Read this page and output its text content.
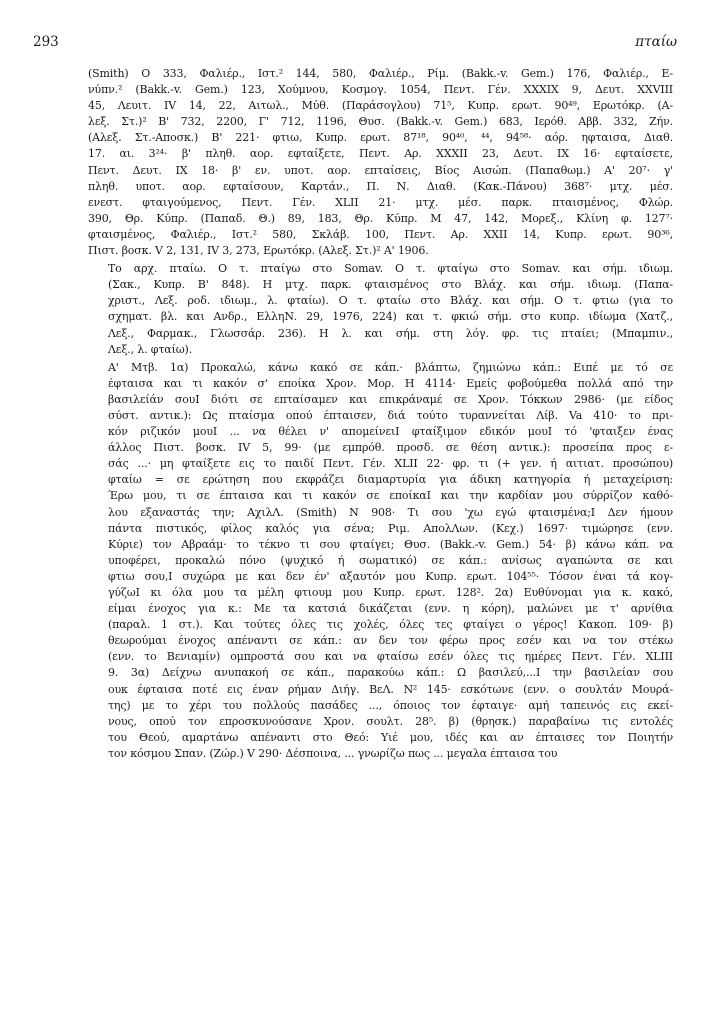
293	πταίω

(Smith) Ο 333, Φαλιέρ., Ιστ.² 144, 580, Φαλιέρ., Ρίμ. (Bakk.-v. Gem.) 176, Φαλιέρ., Ε-
νύπν.² (Bakk.-v. Gem.) 123, Χούμνου, Κοσμογ. 1054, Πεντ. Γέν. XXXIX 9, Δευτ. XXVIII
45, Λευιτ. IV 14, 22, Αιτωλ., Μύθ. (Παράσογλου) 71⁵, Κυπρ. ερωτ. 90⁴⁹, Ερωτόκρ. (Α-
λεξ. Στ.)² Β' 732, 2200, Γ' 712, 1196, Θυσ. (Bakk.-v. Gem.) 683, Ιερόθ. Αββ. 332, Ζήν.
(Αλεξ. Στ.-Αποσκ.) Β' 221· φτιω, Κυπρ. ερωτ. 87¹⁸, 90⁴⁰, ⁴⁴, 94⁵⁸· αόρ. ηφταισα, Διαθ.
17. αι. 3²⁴· β' πληθ. αορ. εφταίξετε, Πεντ. Αρ. XXXII 23, Δευτ. IX 16· εφταίσετε,
Πεντ. Δευτ. IX 18· β' εν. υποτ. αορ. επταίσεις, Βίος Αισώπ. (Παπαθωμ.) Α' 20⁷· γ'
πληθ. υποτ. αορ. εφταίσουν, Καρτάν., Π. Ν. Διαθ. (Κακ.-Πάνου) 368⁷· μτχ. μέσ.
ενεστ. φταιγούμενος, Πεντ. Γέν. XLII 21· μτχ. μέσ. παρκ. πταισμένος, Φλώρ.
390, Θρ. Κύπρ. (Παπαδ. Θ.) 89, 183, Θρ. Κύπρ. Μ 47, 142, Μορεξ., Κλίνη φ. 127⁷·
φταισμένος, Φαλιέρ., Ιστ.² 580, Σκλάβ. 100, Πεντ. Αρ. XXII 14, Κυπρ. ερωτ. 90³⁶,
Πιστ. βοσκ. V 2, 131, IV 3, 273, Ερωτόκρ. (Αλεξ. Στ.)² Α' 1906.

Το αρχ. πταίω. Ο τ. πταίγω στο Somav. Ο τ. φταίγω στο Somav. και σήμ. ιδιωμ.
(Σακ., Κυπρ. Β' 848). Η μτχ. παρκ. φταισμένος στο Βλάχ. και σήμ. ιδιωμ. (Παπα-
χριστ., Λεξ. ροδ. ιδιωμ., λ. φταίω). Ο τ. φταίω στο Βλάχ. και σήμ. Ο τ. φτιω (για το
σχηματ. βλ. και Ανδρ., ΕλληΝ. 29, 1976, 224) και τ. φκιώ σήμ. στο κυπρ. ιδίωμα (Χατζ.,
Λεξ., Φαρμακ., Γλωσσάρ. 236). Η λ. και σήμ. στη λόγ. φρ. τις πταίει; (Μπαμπιν.,
Λεξ., λ. φταίω).

Α' Μτβ. 1α) Προκαλώ, κάνω κακό σε κάπ.· βλάπτω, ζημιώνω κάπ.: Ειπέ με τό σε
έφταισα και τι κακόν σ' εποίκα Χρον. Μορ. Η 4114· Εμείς φοβούμεθα πολλά από την
βασιλείάν σουΙ διότι σε επταίσαμεν και επικράναμέ σε Χρον. Τόκκων 2986· (με είδος
σύστ. αντικ.): Ως πταίσμα οπού έπταισεν, διά τούτο τυραννείται Λίβ. Va 410· το πρι-
κόν ριζικόν μουΙ ... να θέλει ν' απομείνειΙ φταίξιμον εδικόν μουΙ τό 'φταιξεν ένας
άλλος Πιστ. βοσκ. IV 5, 99· (με εμπρόθ. προσδ. σε θέση αντικ.): προσείπα προς ε-
σάς ...· μη φταίξετε εις το παιδί Πεντ. Γέν. XLII 22· φρ. τι (+ γεν. ή αιτιατ. προσώπου)
φταίω = σε ερώτηση που εκφράζει διαμαρτυρία για άδικη κατηγορία ή μεταχείριση:
Έρω μου, τι σε έπταισα και τι κακόν σε εποίκαΙ και την καρδίαν μου σύρρίζον καθό-
λου εξαναστάς την; ΑχιλΛ. (Smith) Ν 908· Τι σου 'χω εγώ φταισμένα;Ι Δεν ήμουν
πάντα πιστικός, φίλος καλός για σένα; Ριμ. ΑπολΛων. (Κεχ.) 1697· τιμώρησε (ενν.
Κύριε) τον Αβραάμ· το τέκνο τι σου φταίγει; Θυσ. (Bakk.-v. Gem.) 54· β) κάνω κάπ. να
υποφέρει, προκαλώ πόνο (ψυχικό ή σωματικό) σε κάπ.: ανίσως αγαπώντα σε και
φτιω σου,Ι συχώρα με και δεν έν' αξαυτόν μου Κυπρ. ερωτ. 104⁵⁵· Τόσον έναι τά κογ-
γύζωΙ κι όλα μου τα μέλη φτιουμ μου Κυπρ. ερωτ. 128². 2α) Ευθύνομαι για κ. κακό,
είμαι ένοχος για κ.: Με τα κατσιά δικάζεται (ενν. η κόρη), μαλώνει με τ' αρνίθια
(παραλ. 1 στ.). Και τούτες όλες τις χολές, όλες τες φταίγει ο γέρος! Κακοπ. 109· β)
θεωρούμαι ένοχος απέναντι σε κάπ.: αν δεν τον φέρω προς εσέν και να τον στέκω
(ενν. το Βενιαμίν) ομπροστά σου και να φταίσω εσέν όλες τις ημέρες Πεντ. Γέν. XLIII
9. 3α) Δείχνω ανυπακοή σε κάπ., παρακούω κάπ.: Ω βασιλεύ,...Ι την βασιλείαν σου
ουκ έφταισα ποτέ εις έναν ρήμαν Διήγ. ΒεΛ. Ν² 145· εσκότωνε (ενν. ο σουλτάν Μουρά-
της) με το χέρι του πολλούς πασάδες ..., όποιος τον έφταιγε· αμή ταπεινός εις εκεί-
νους, οπού τον επροσκυνούσανε Χρον. σουλτ. 28⁵. β) (θρησκ.) παραβαίνω τις εντολές
του Θεού, αμαρτάνω απέναντι στο Θεό: Υιέ μου, ιδές και αν έπταισες τον Ποιητήν
τον κόσμου Σπαν. (Ζώρ.) V 290· Δέσποινα, ... γνωρίζω πως ... μεγαλα έπταισα του
